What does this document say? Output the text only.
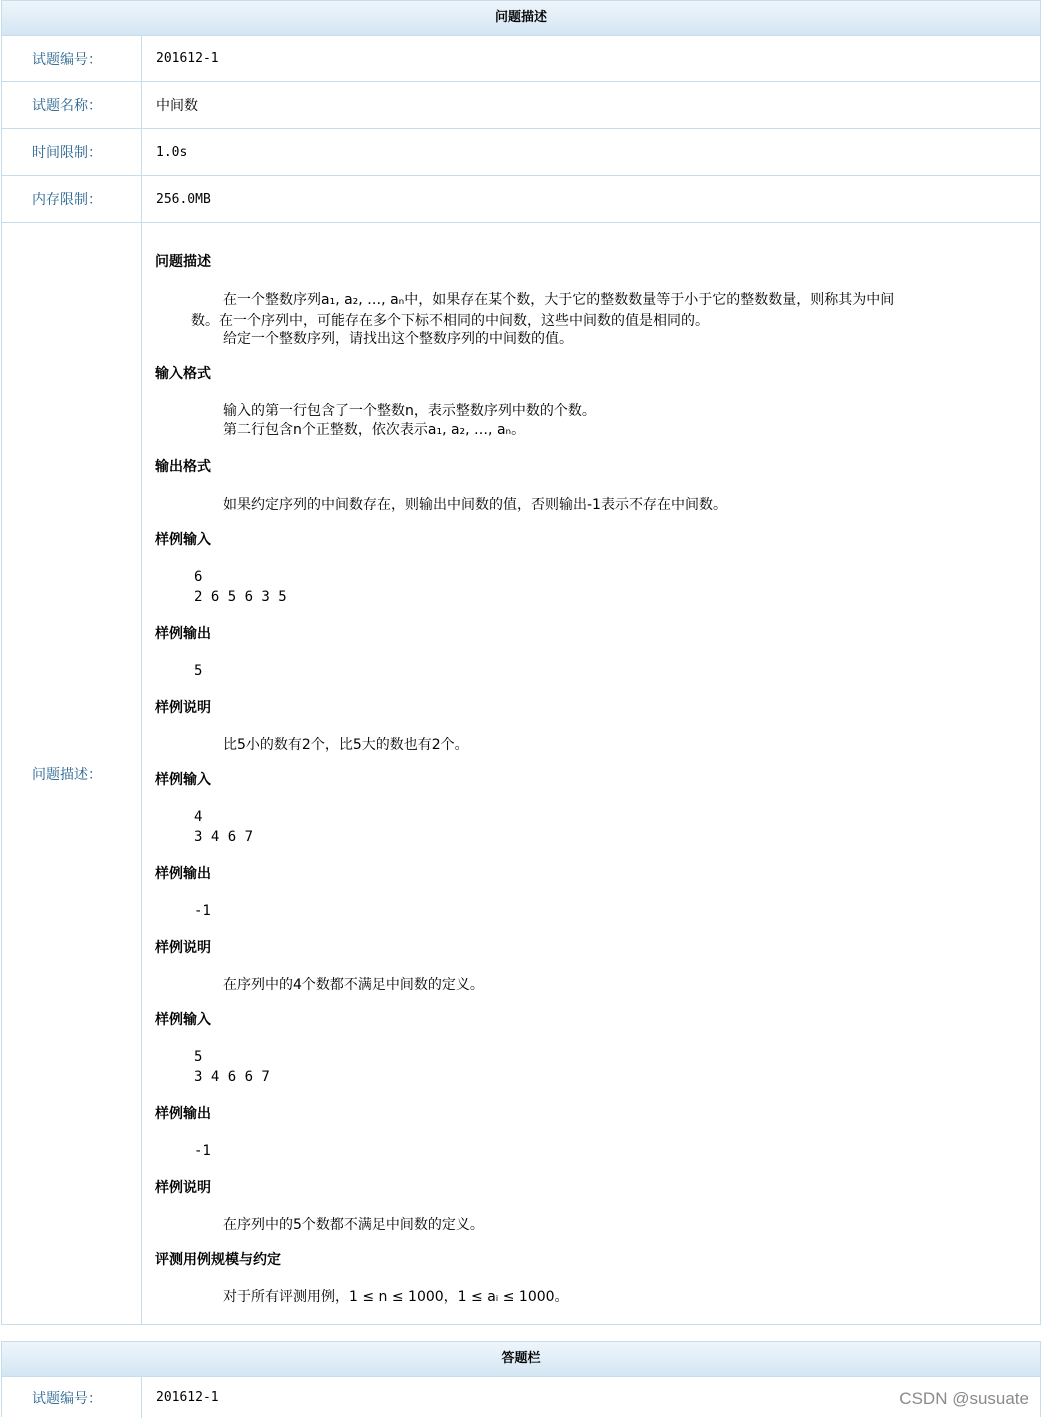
问题描述
试题编号：	201612-1
试题名称：	中间数
时间限制：	1.0s
内存限制：	256.0MB
问题描述：
问题描述
在一个整数序列a₁, a₂, …, aₙ中，如果存在某个数，大于它的整数数量等于小于它的整数数量，则称其为中间
数。在一个序列中，可能存在多个下标不相同的中间数，这些中间数的值是相同的。
给定一个整数序列，请找出这个整数序列的中间数的值。
输入格式
输入的第一行包含了一个整数n，表示整数序列中数的个数。
第二行包含n个正整数，依次表示a₁, a₂, …, aₙ。
输出格式
如果约定序列的中间数存在，则输出中间数的值，否则输出-1表示不存在中间数。
样例输入
6
2 6 5 6 3 5
样例输出
5
样例说明
比5小的数有2个，比5大的数也有2个。
样例输入
4
3 4 6 7
样例输出
-1
样例说明
在序列中的4个数都不满足中间数的定义。
样例输入
5
3 4 6 6 7
样例输出
-1
样例说明
在序列中的5个数都不满足中间数的定义。
评测用例规模与约定
对于所有评测用例，1 ≤ n ≤ 1000，1 ≤ aᵢ ≤ 1000。
答题栏
试题编号：	201612-1	CSDN @susuate
